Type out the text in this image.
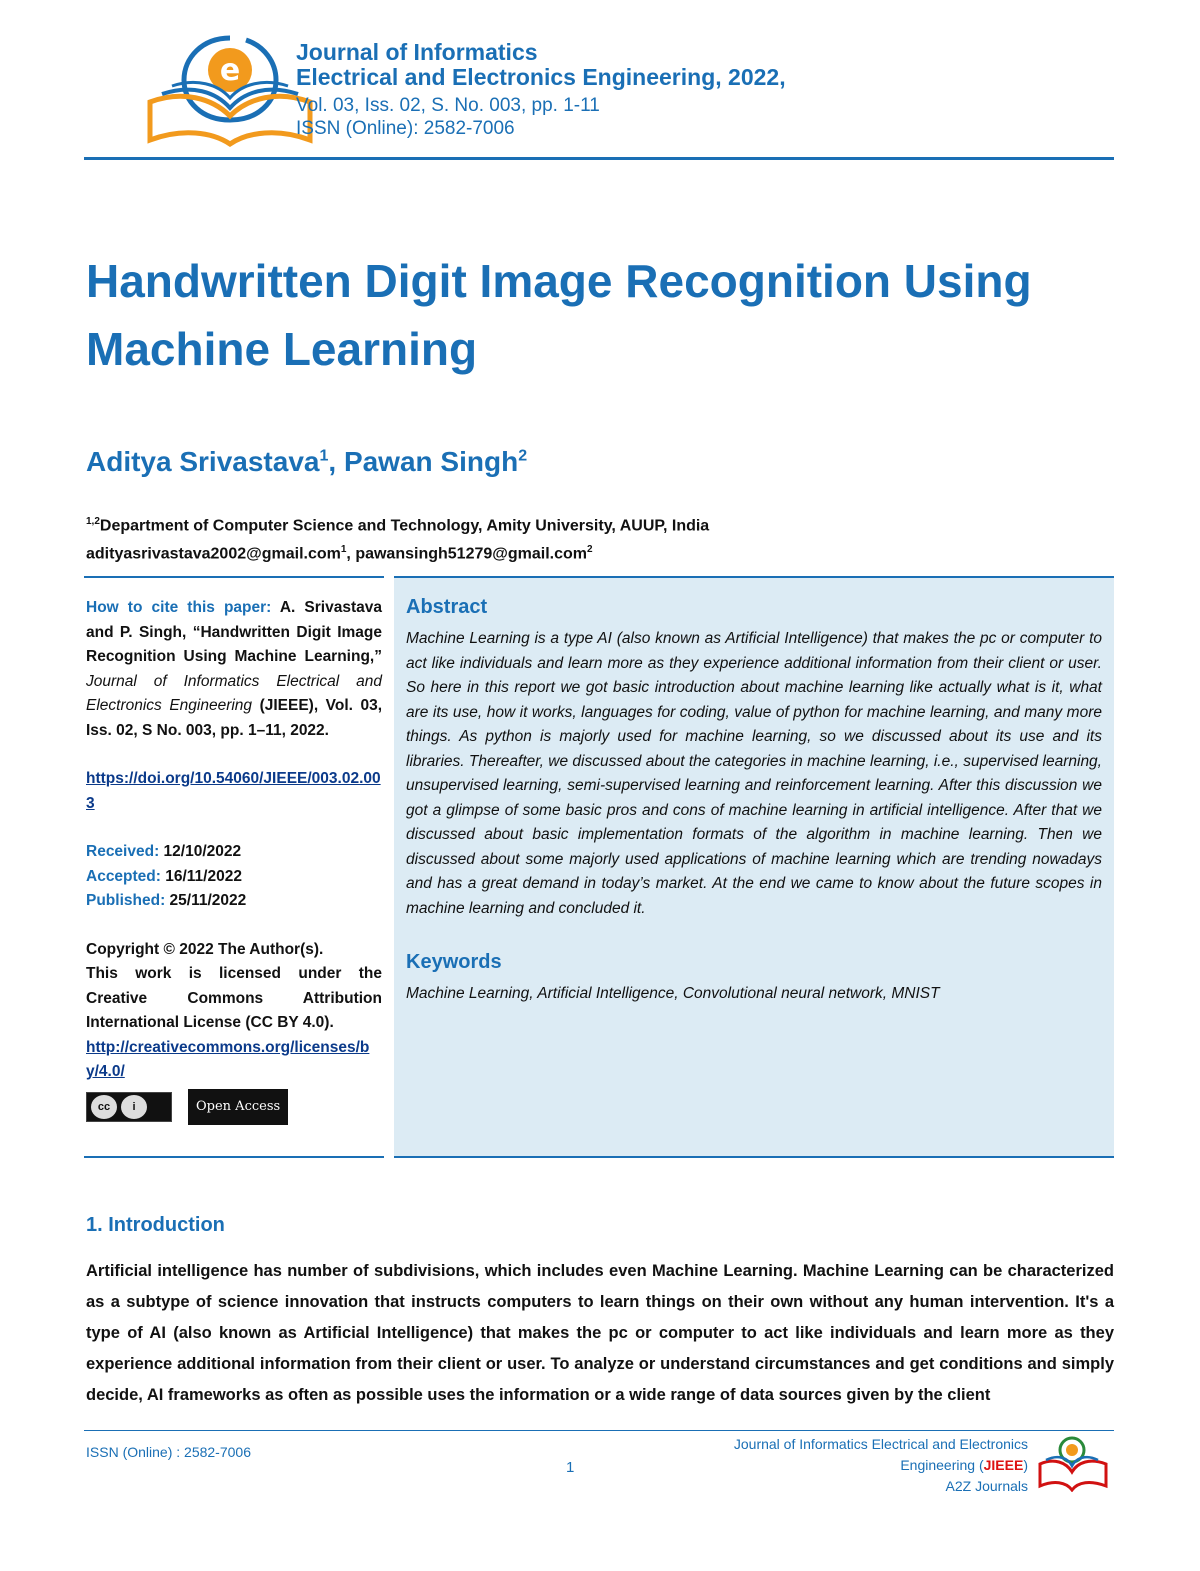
e
Journal of Informatics
Electrical and Electronics Engineering, 2022,
Vol. 03, Iss. 02, S. No. 003, pp. 1-11
ISSN (Online): 2582-7006
Handwritten Digit Image Recognition Using
Machine Learning
Aditya Srivastava$^1$, Pawan Singh$^2$
$^{1,2}$Department of Computer Science and Technology, Amity University, AUUP, India
adityasrivastava2002@gmail.com$^1$, pawansingh51279@gmail.com$^2$
How to cite this paper: A. Srivastava and P. Singh, “Handwritten Digit Image Recognition Using Machine Learning,” Journal of Informatics Electrical and Electronics Engineering (JIEEE), Vol. 03, Iss. 02, S No. 003, pp. 1–11, 2022.
https://doi.org/10.54060/JIEEE/003.02.003
Received: 12/10/2022
Accepted: 16/11/2022
Published: 25/11/2022
Copyright © 2022 The Author(s).
This work is licensed under the Creative Commons Attribution International License (CC BY 4.0).
http://creativecommons.org/licenses/by/4.0/
cc	i	Open Access
Abstract

Machine Learning is a type AI (also known as Artificial Intelligence) that makes the pc or computer to act like individuals and learn more as they experience additional information from their client or user. So here in this report we got basic introduction about machine learning like actually what is it, what are its use, how it works, languages for coding, value of python for machine learning, and many more things. As python is majorly used for machine learning, so we discussed about its use and its libraries. Thereafter, we discussed about the categories in machine learning, i.e., supervised learning, unsupervised learning, semi-supervised learning and reinforcement learning. After this discussion we got a glimpse of some basic pros and cons of machine learning in artificial intelligence. After that we discussed about basic implementation formats of the algorithm in machine learning. Then we discussed about some majorly used applications of machine learning which are trending nowadays and has a great demand in today’s market. At the end we came to know about the future scopes in machine learning and concluded it.

Keywords

Machine Learning, Artificial Intelligence, Convolutional neural network, MNIST

1. Introduction

Artificial intelligence has number of subdivisions, which includes even Machine Learning. Machine Learning can be characterized as a subtype of science innovation that instructs computers to learn things on their own without any human intervention. It's a type of AI (also known as Artificial Intelligence) that makes the pc or computer to act like individuals and learn more as they experience additional information from their client or user. To analyze or understand circumstances and get conditions and simply decide, AI frameworks as often as possible uses the information or a wide range of data sources given by the client

ISSN (Online) : 2582-7006
1
Journal of Informatics Electrical and Electronics
Engineering (JIEEE)
A2Z Journals
